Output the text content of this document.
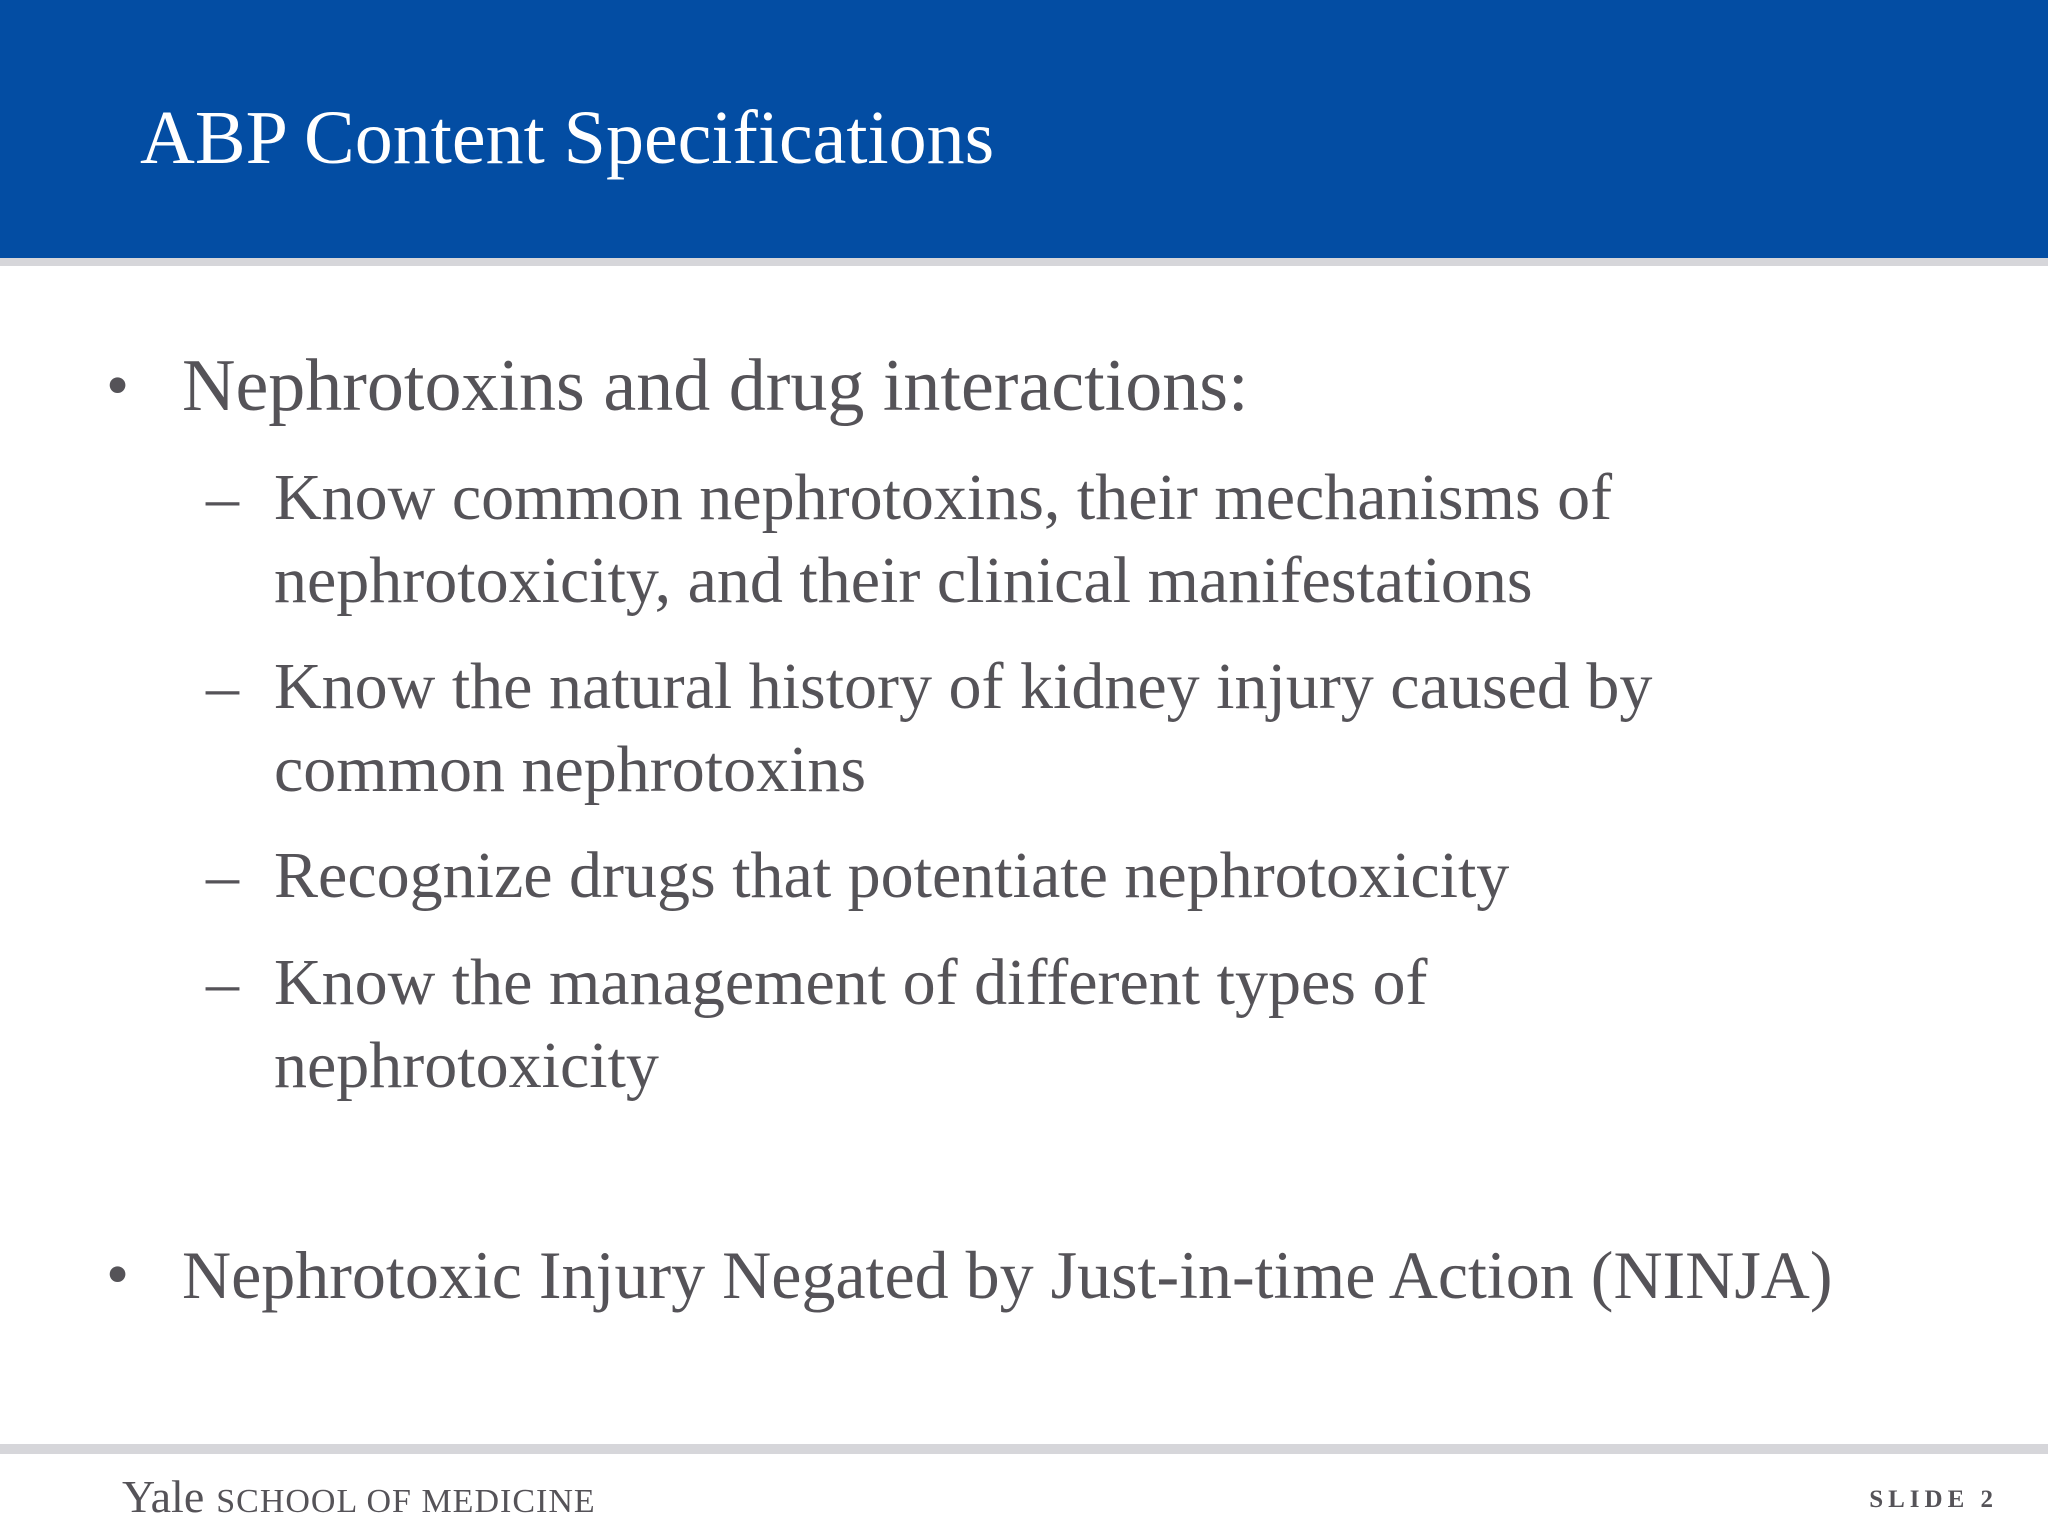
ABP Content Specifications
• Nephrotoxins and drug interactions:
– Know common nephrotoxins, their mechanisms of
nephrotoxicity, and their clinical manifestations
– Know the natural history of kidney injury caused by
common nephrotoxins
– Recognize drugs that potentiate nephrotoxicity
– Know the management of different types of
nephrotoxicity
• Nephrotoxic Injury Negated by Just-in-time Action (NINJA)
Yale SCHOOL OF MEDICINE	SLIDE 2
